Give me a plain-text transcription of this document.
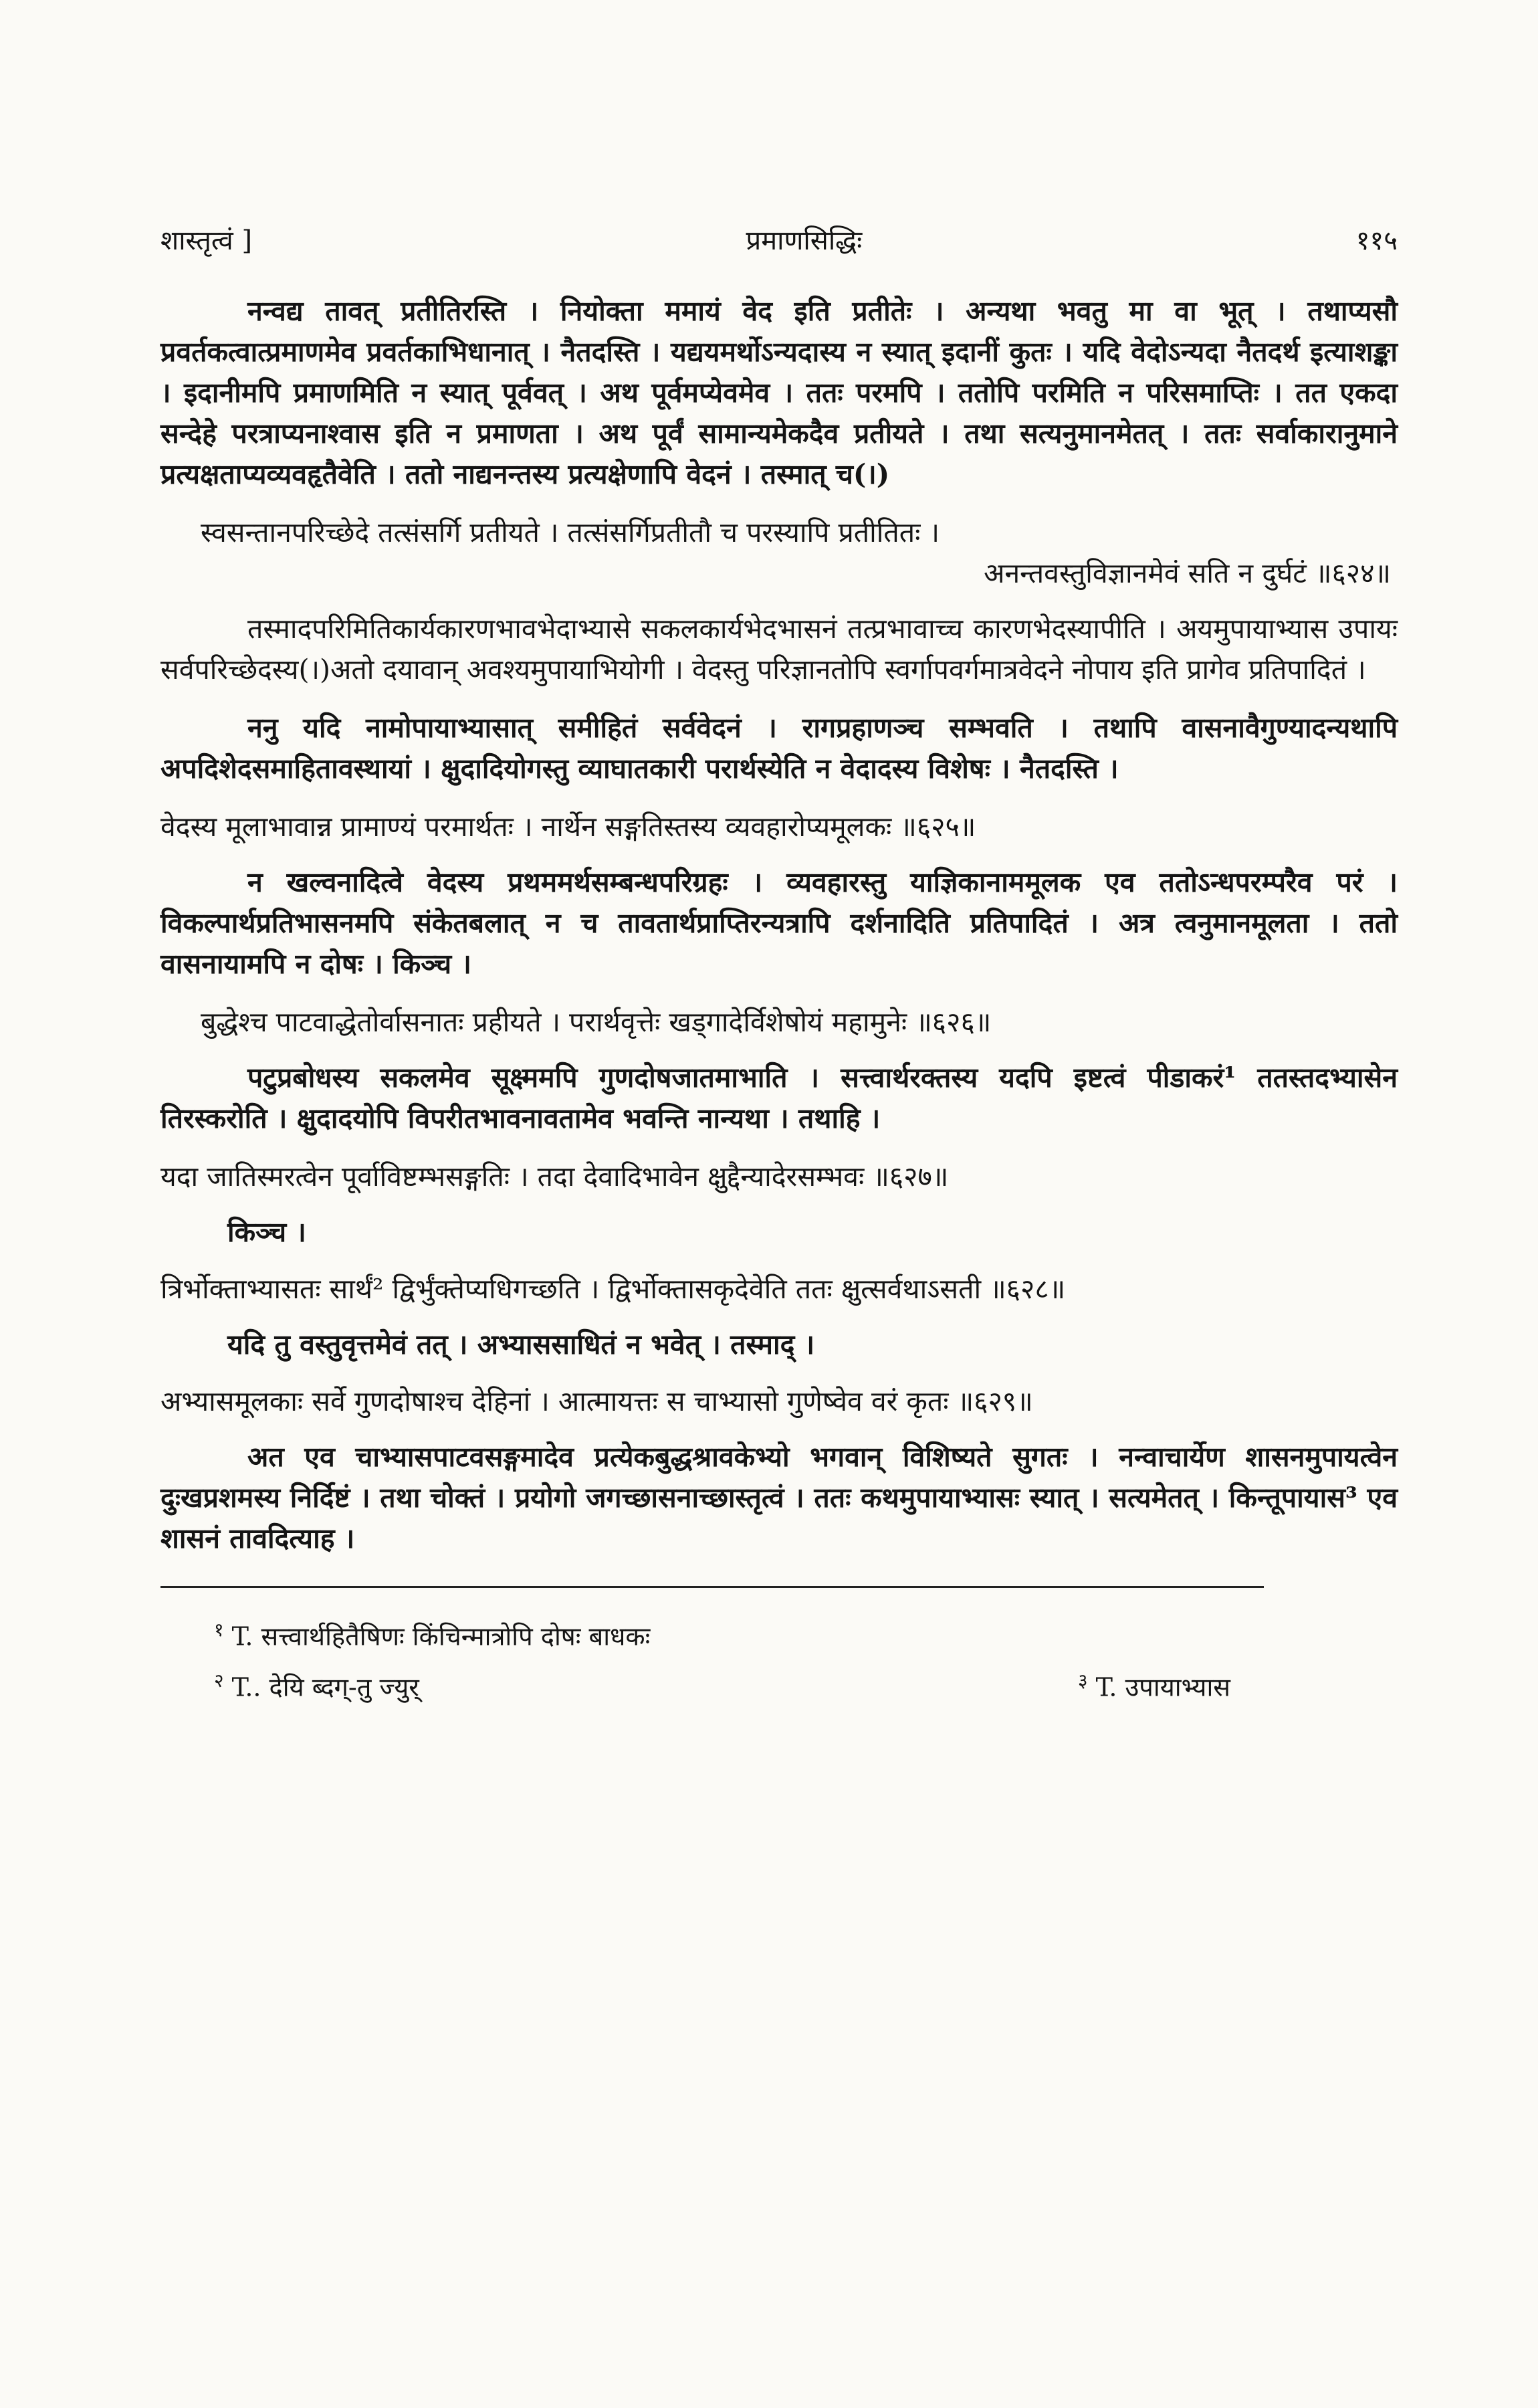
शास्तृत्वं ]	प्रमाणसिद्धिः	११५

नन्वद्य तावत् प्रतीतिरस्ति । नियोक्ता ममायं वेद इति प्रतीतेः । अन्यथा भवतु मा वा भूत् । तथाप्यसौ प्रवर्तकत्वात्प्रमाणमेव प्रवर्तकाभिधानात् । नैतदस्ति । यद्ययमर्थोऽन्यदास्य न स्यात् इदानीं कुतः । यदि वेदोऽन्यदा नैतदर्थ इत्याशङ्का । इदानीमपि प्रमाणमिति न स्यात् पूर्ववत् । अथ पूर्वमप्येवमेव । ततः परमपि । ततोपि परमिति न परिसमाप्तिः । तत एकदा सन्देहे परत्राप्यनाश्वास इति न प्रमाणता । अथ पूर्वं सामान्यमेकदैव प्रतीयते । तथा सत्यनुमानमेतत् । ततः सर्वाकारानुमाने प्रत्यक्षताप्यव्यवहृतैवेति । ततो नाद्यनन्तस्य प्रत्यक्षेणापि वेदनं । तस्मात् च(।)

स्वसन्तानपरिच्छेदे तत्संसर्गि प्रतीयते । तत्संसर्गिप्रतीतौ च परस्यापि प्रतीतितः ।
अनन्तवस्तुविज्ञानमेवं सति न दुर्घटं ॥६२४॥

तस्मादपरिमितिकार्यकारणभावभेदाभ्यासे सकलकार्यभेदभासनं तत्प्रभावाच्च कारणभेदस्यापीति । अयमुपायाभ्यास उपायः सर्वपरिच्छेदस्य(।)अतो दयावान् अवश्यमुपायाभियोगी । वेदस्तु परिज्ञानतोपि स्वर्गापवर्गमात्रवेदने नोपाय इति प्रागेव प्रतिपादितं ।

ननु यदि नामोपायाभ्यासात् समीहितं सर्ववेदनं । रागप्रहाणञ्च सम्भवति । तथापि वासनावैगुण्यादन्यथापि अपदिशेदसमाहितावस्थायां । क्षुदादियोगस्तु व्याघातकारी परार्थस्येति न वेदादस्य विशेषः । नैतदस्ति ।

वेदस्य मूलाभावान्न प्रामाण्यं परमार्थतः । नार्थेन सङ्गतिस्तस्य व्यवहारोप्यमूलकः ॥६२५॥

न खल्वनादित्वे वेदस्य प्रथममर्थसम्बन्धपरिग्रहः । व्यवहारस्तु याज्ञिकानाममूलक एव ततोऽन्धपरम्परैव परं । विकल्पार्थप्रतिभासनमपि संकेतबलात् न च तावतार्थप्राप्तिरन्यत्रापि दर्शनादिति प्रतिपादितं । अत्र त्वनुमानमूलता । ततो वासनायामपि न दोषः । किञ्च ।

बुद्धेश्च पाटवाद्धेतोर्वासनातः प्रहीयते । परार्थवृत्तेः खड्गादेर्विशेषोयं महामुनेः ॥६२६॥

पटुप्रबोधस्य सकलमेव सूक्ष्ममपि गुणदोषजातमाभाति । सत्त्वार्थरक्तस्य यदपि इष्टत्वं पीडाकरं¹ ततस्तदभ्यासेन तिरस्करोति । क्षुदादयोपि विपरीतभावनावतामेव भवन्ति नान्यथा । तथाहि ।

यदा जातिस्मरत्वेन पूर्वाविष्टम्भसङ्गतिः । तदा देवादिभावेन क्षुद्दैन्यादेरसम्भवः ॥६२७॥

किञ्च ।

त्रिर्भोक्ताभ्यासतः सार्थं² द्विर्भुंक्तेप्यधिगच्छति । द्विर्भोक्तासकृदेवेति ततः क्षुत्सर्वथाऽसती ॥६२८॥

यदि तु वस्तुवृत्तमेवं तत् । अभ्याससाधितं न भवेत् । तस्माद् ।

अभ्यासमूलकाः सर्वे गुणदोषाश्च देहिनां । आत्मायत्तः स चाभ्यासो गुणेष्वेव वरं कृतः ॥६२९॥

अत एव चाभ्यासपाटवसङ्गमादेव प्रत्येकबुद्धश्रावकेभ्यो भगवान् विशिष्यते सुगतः । नन्वाचार्येण शासनमुपायत्वेन दुःखप्रशमस्य निर्दिष्टं । तथा चोक्तं । प्रयोगो जगच्छासनाच्छास्तृत्वं । ततः कथमुपायाभ्यासः स्यात् । सत्यमेतत् । किन्तूपायास³ एव शासनं तावदित्याह ।

$^१$ T. सत्त्वार्थहितैषिणः किंचिन्मात्रोपि दोषः बाधकः
$^२$ T.. देयि ब्दग्-तु ज्युर्	$^३$ T. उपायाभ्यास
